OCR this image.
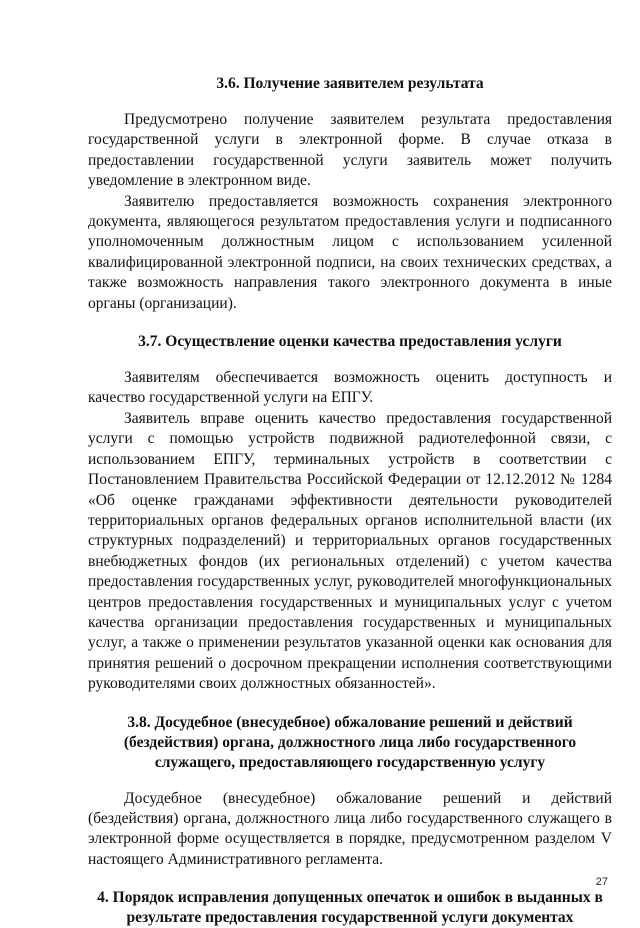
3.6. Получение заявителем результата

Предусмотрено получение заявителем результата предоставления государственной услуги в электронной форме. В случае отказа в предоставлении государственной услуги заявитель может получить уведомление в электронном виде.

Заявителю предоставляется возможность сохранения электронного документа, являющегося результатом предоставления услуги и подписанного уполномоченным должностным лицом с использованием усиленной квалифицированной электронной подписи, на своих технических средствах, а также возможность направления такого электронного документа в иные органы (организации).

3.7. Осуществление оценки качества предоставления услуги

Заявителям обеспечивается возможность оценить доступность и качество государственной услуги на ЕПГУ.

Заявитель вправе оценить качество предоставления государственной услуги с помощью устройств подвижной радиотелефонной связи, с использованием ЕПГУ, терминальных устройств в соответствии с Постановлением Правительства Российской Федерации от 12.12.2012 № 1284 «Об оценке гражданами эффективности деятельности руководителей территориальных органов федеральных органов исполнительной власти (их структурных подразделений) и территориальных органов государственных внебюджетных фондов (их региональных отделений) с учетом качества предоставления государственных услуг, руководителей многофункциональных центров предоставления государственных и муниципальных услуг с учетом качества организации предоставления государственных и муниципальных услуг, а также о применении результатов указанной оценки как основания для принятия решений о досрочном прекращении исполнения соответствующими руководителями своих должностных обязанностей».

3.8. Досудебное (внесудебное) обжалование решений и действий
(бездействия) органа, должностного лица либо государственного
служащего, предоставляющего государственную услугу

Досудебное (внесудебное) обжалование решений и действий (бездействия) органа, должностного лица либо государственного служащего в электронной форме осуществляется в порядке, предусмотренном разделом V настоящего Административного регламента.

4. Порядок исправления допущенных опечаток и ошибок в выданных в
результате предоставления государственной услуги документах
27
